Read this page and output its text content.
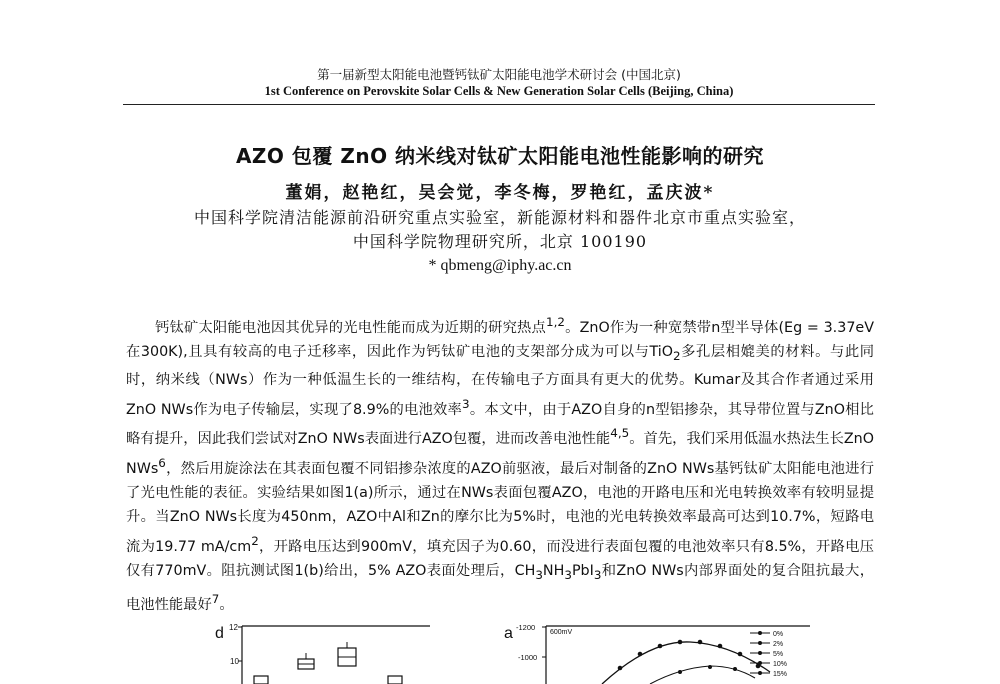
第一届新型太阳能电池暨钙钛矿太阳能电池学术研讨会 (中国北京)
1st Conference on Perovskite Solar Cells & New Generation Solar Cells (Beijing, China)
AZO 包覆 ZnO 纳米线对钛矿太阳能电池性能影响的研究
董娟，赵艳红，吴会觉，李冬梅，罗艳红，孟庆波*
中国科学院清洁能源前沿研究重点实验室，新能源材料和器件北京市重点实验室，
中国科学院物理研究所，北京 100190
* qbmeng@iphy.ac.cn

钙钛矿太阳能电池因其优异的光电性能而成为近期的研究热点$^{1,2}$。ZnO作为一种宽禁带n型半导体(Eg = 3.37eV在300K),且具有较高的电子迁移率，因此作为钙钛矿电池的支架部分成为可以与TiO$_2$多孔层相媲美的材料。与此同时，纳米线（NWs）作为一种低温生长的一维结构，在传输电子方面具有更大的优势。Kumar及其合作者通过采用ZnO NWs作为电子传输层，实现了8.9%的电池效率$^3$。本文中，由于AZO自身的n型铝掺杂，其导带位置与ZnO相比略有提升，因此我们尝试对ZnO NWs表面进行AZO包覆，进而改善电池性能$^{4,5}$。首先，我们采用低温水热法生长ZnO NWs$^6$，然后用旋涂法在其表面包覆不同铝掺杂浓度的AZO前驱液，最后对制备的ZnO NWs基钙钛矿太阳能电池进行了光电性能的表征。实验结果如图1(a)所示，通过在NWs表面包覆AZO，电池的开路电压和光电转换效率有较明显提升。当ZnO NWs长度为450nm，AZO中Al和Zn的摩尔比为5%时，电池的光电转换效率最高可达到10.7%，短路电流为19.77 $mA/cm^2$，开路电压达到900mV，填充因子为0.60，而没进行表面包覆的电池效率只有8.5%，开路电压仅有770mV。阻抗测试图1(b)给出，5% AZO表面处理后，$CH_3NH_3PbI_3$和ZnO NWs内部界面处的复合阻抗最大，电池性能最好$^7$。

d 12
10
a -1200
-1000
600mV	0%
2%
5%
10%
15%
